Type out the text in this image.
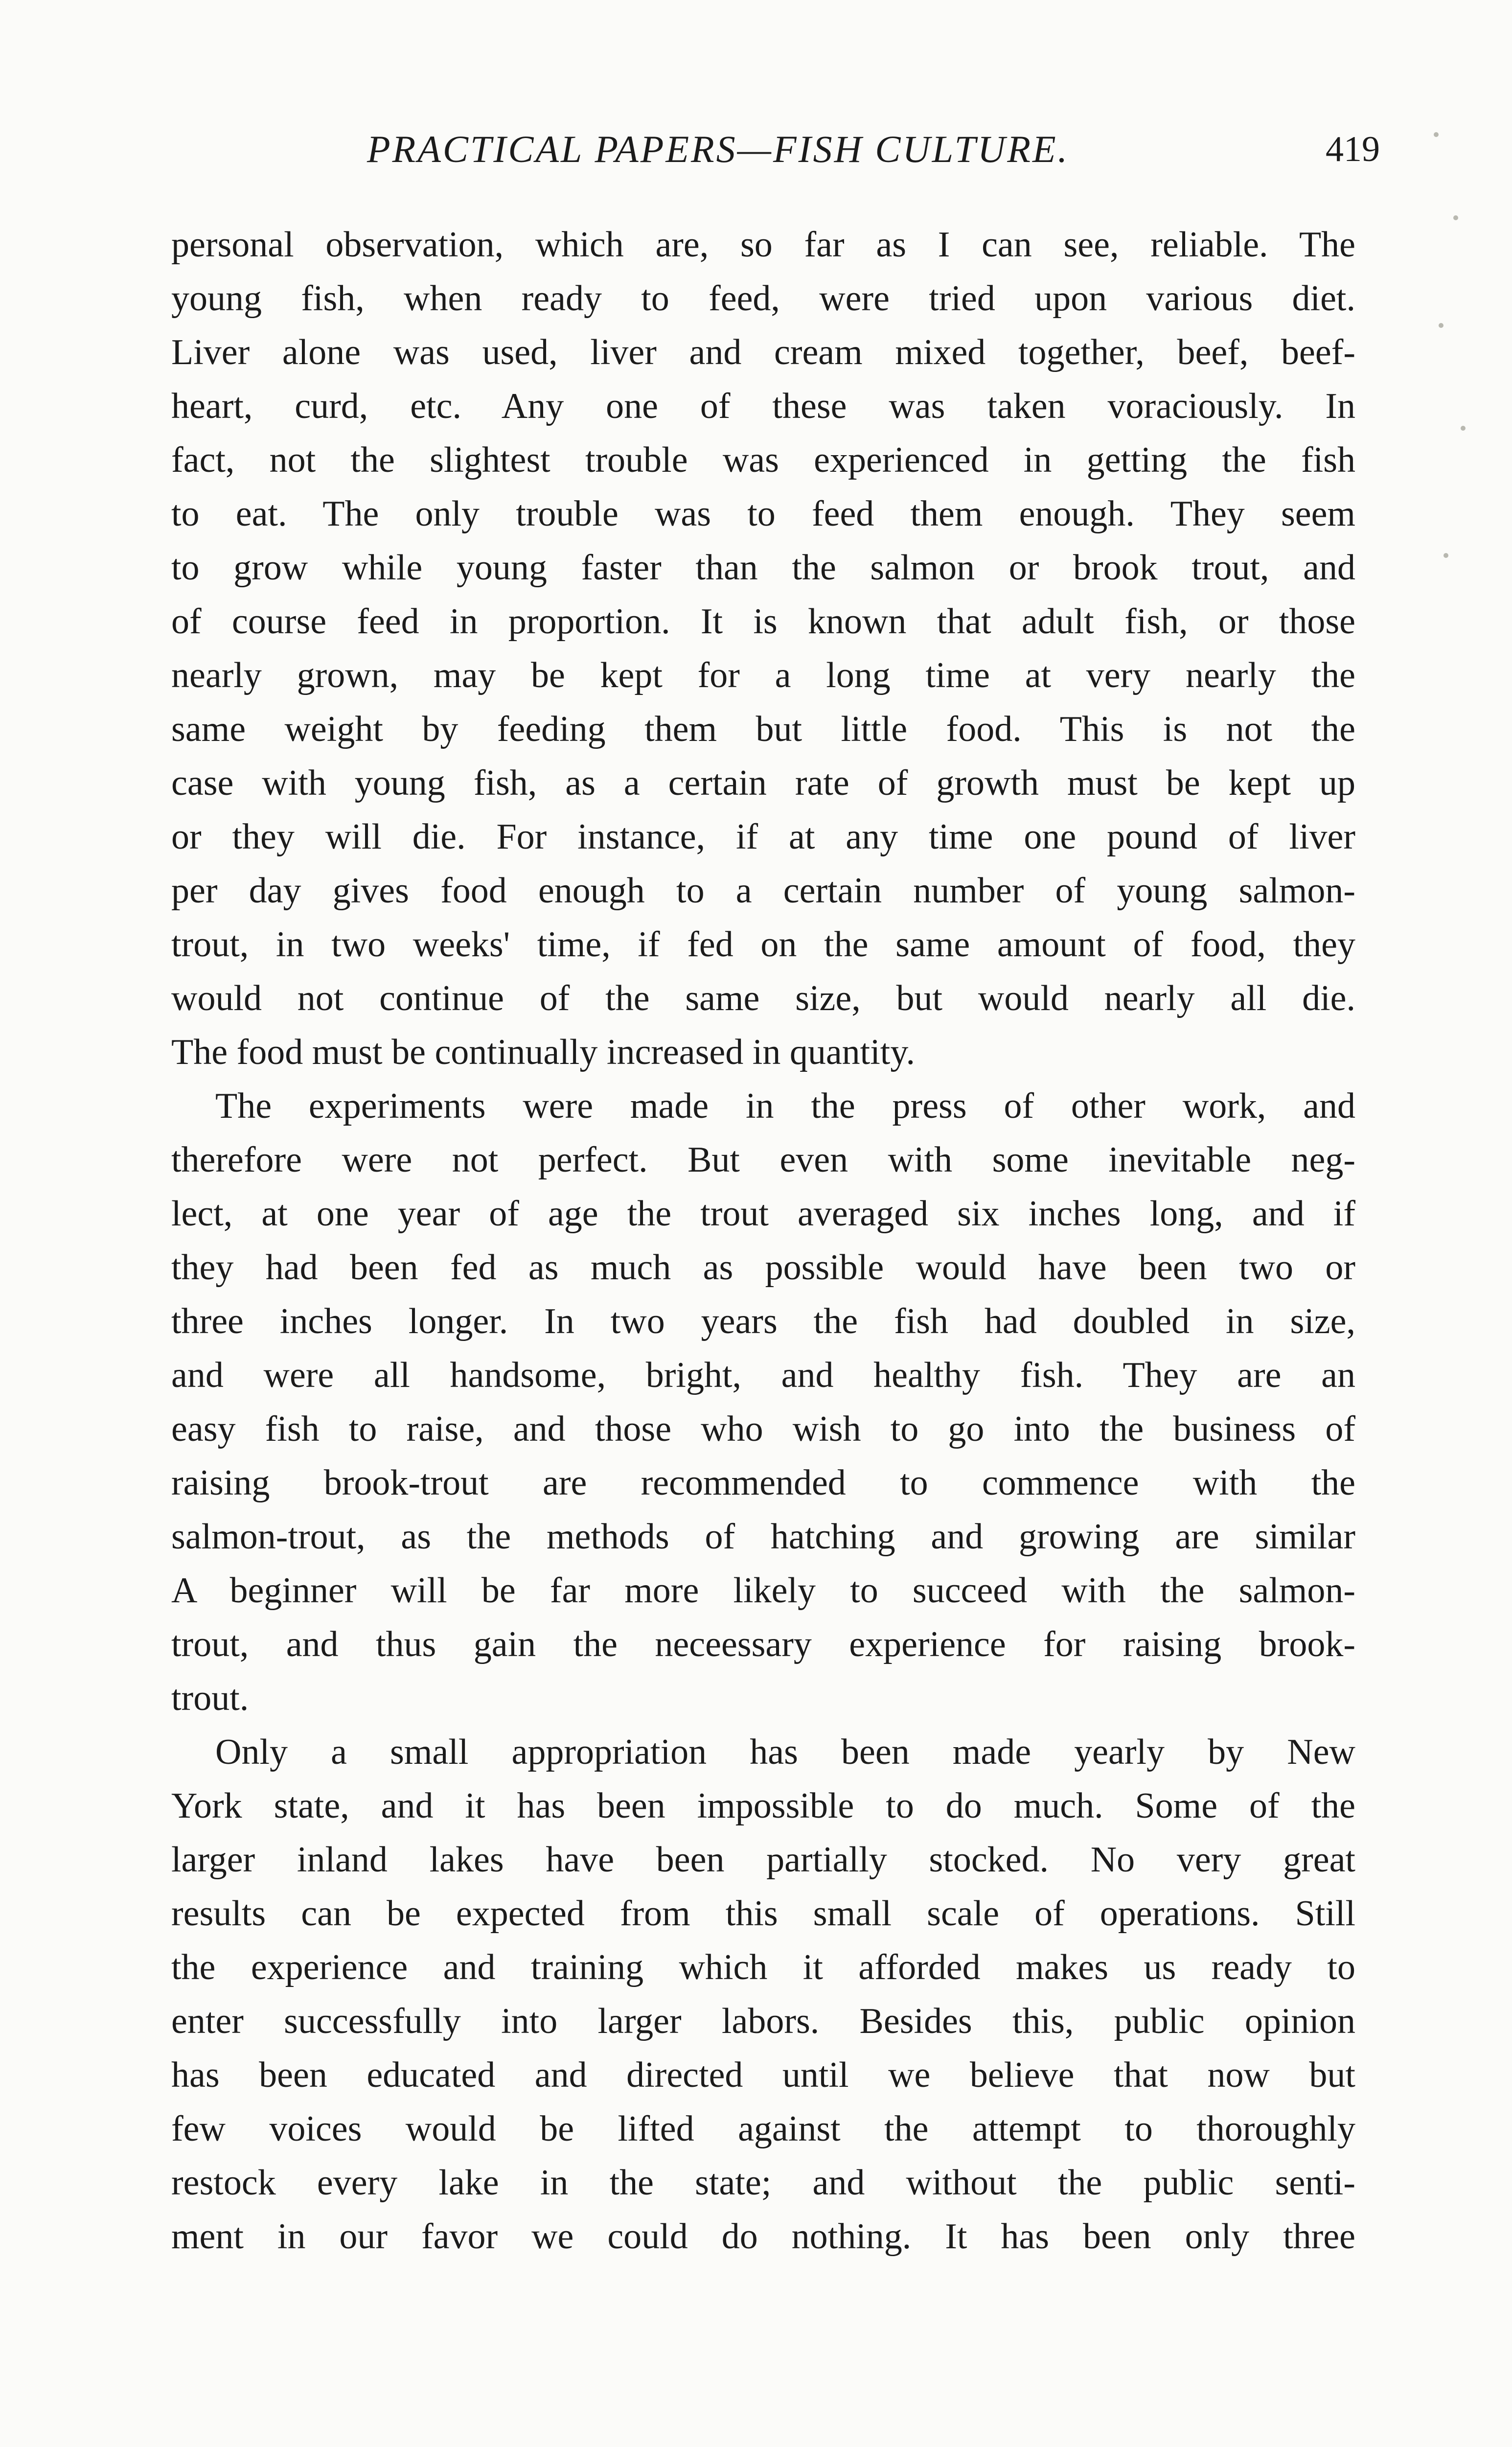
PRACTICAL PAPERS—FISH CULTURE.	419
personal observation, which are, so far as I can see, reliable. The
young fish, when ready to feed, were tried upon various diet.
Liver alone was used, liver and cream mixed together, beef, beef-
heart, curd, etc. Any one of these was taken voraciously. In
fact, not the slightest trouble was experienced in getting the fish
to eat. The only trouble was to feed them enough. They seem
to grow while young faster than the salmon or brook trout, and
of course feed in proportion. It is known that adult fish, or those
nearly grown, may be kept for a long time at very nearly the
same weight by feeding them but little food. This is not the
case with young fish, as a certain rate of growth must be kept up
or they will die. For instance, if at any time one pound of liver
per day gives food enough to a certain number of young salmon-
trout, in two weeks' time, if fed on the same amount of food, they
would not continue of the same size, but would nearly all die.
The food must be continually increased in quantity.
The experiments were made in the press of other work, and
therefore were not perfect. But even with some inevitable neg-
lect, at one year of age the trout averaged six inches long, and if
they had been fed as much as possible would have been two or
three inches longer. In two years the fish had doubled in size,
and were all handsome, bright, and healthy fish. They are an
easy fish to raise, and those who wish to go into the business of
raising brook-trout are recommended to commence with the
salmon-trout, as the methods of hatching and growing are similar
A beginner will be far more likely to succeed with the salmon-
trout, and thus gain the neceessary experience for raising brook-
trout.
Only a small appropriation has been made yearly by New
York state, and it has been impossible to do much. Some of the
larger inland lakes have been partially stocked. No very great
results can be expected from this small scale of operations. Still
the experience and training which it afforded makes us ready to
enter successfully into larger labors. Besides this, public opinion
has been educated and directed until we believe that now but
few voices would be lifted against the attempt to thoroughly
restock every lake in the state; and without the public senti-
ment in our favor we could do nothing. It has been only three
